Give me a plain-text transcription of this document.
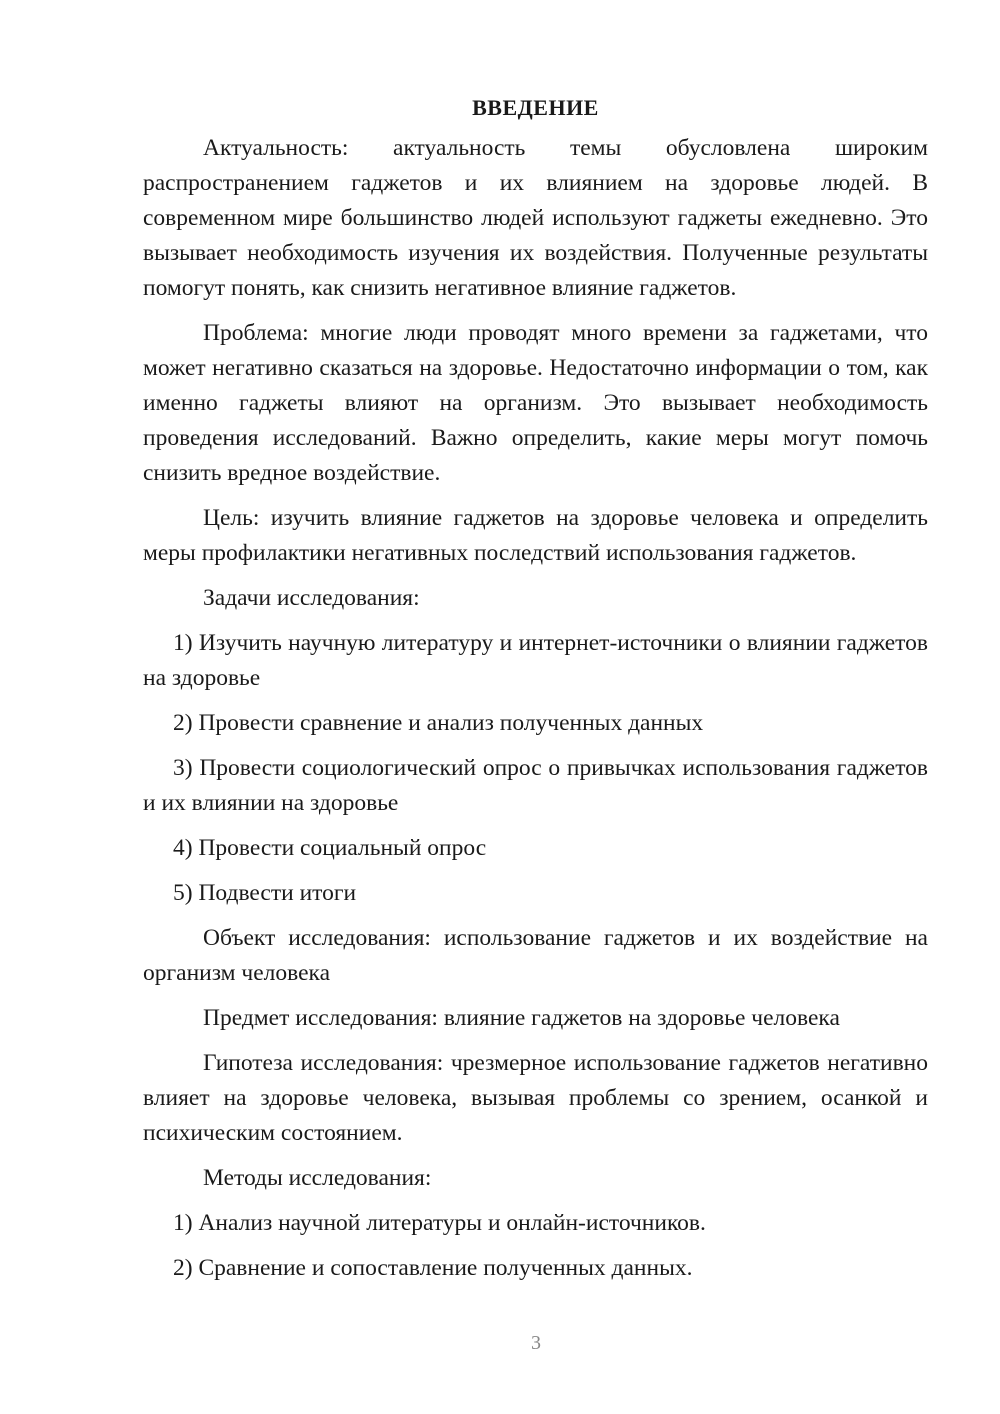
ВВЕДЕНИЕ

Актуальность: актуальность темы обусловлена широким распространением гаджетов и их влиянием на здоровье людей. В современном мире большинство людей используют гаджеты ежедневно. Это вызывает необходимость изучения их воздействия. Полученные результаты помогут понять, как снизить негативное влияние гаджетов.

Проблема: многие люди проводят много времени за гаджетами, что может негативно сказаться на здоровье. Недостаточно информации о том, как именно гаджеты влияют на организм. Это вызывает необходимость проведения исследований. Важно определить, какие меры могут помочь снизить вредное воздействие.

Цель: изучить влияние гаджетов на здоровье человека и определить меры профилактики негативных последствий использования гаджетов.

Задачи исследования:

1) Изучить научную литературу и интернет-источники о влиянии гаджетов на здоровье

2) Провести сравнение и анализ полученных данных

3) Провести социологический опрос о привычках использования гаджетов и их влиянии на здоровье

4) Провести социальный опрос

5) Подвести итоги

Объект исследования: использование гаджетов и их воздействие на организм человека

Предмет исследования: влияние гаджетов на здоровье человека

Гипотеза исследования: чрезмерное использование гаджетов негативно влияет на здоровье человека, вызывая проблемы со зрением, осанкой и психическим состоянием.

Методы исследования:

1) Анализ научной литературы и онлайн-источников.

2) Сравнение и сопоставление полученных данных.

3
